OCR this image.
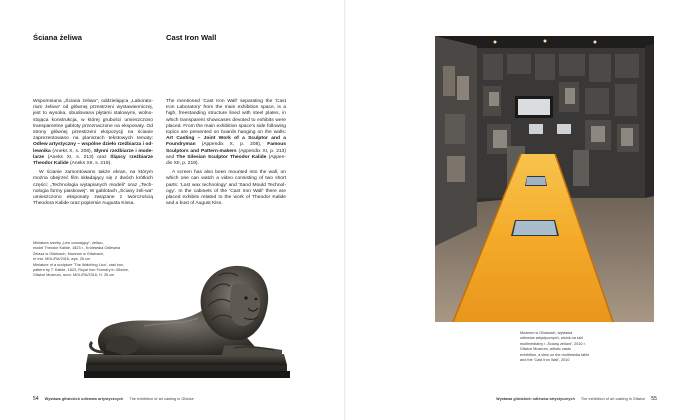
Ściana żeliwa	Cast Iron Wall

Wspomniana „Ściana żeliwa”, oddzielająca „Laborato-rium żeliwa” od głównej przestrzeni wystawienniczej, jest to wysoka, obudowana płytami stalowymi, wolno-stojąca konstrukcja, w której grubości umieszczono transparentne gabloty przeznaczone na eksponaty. Od strony głównej przestrzeni ekspozycji na ścianie zaprezentowano na planszach tekstowych tematy: Odlew artystyczny – wspólne dzieło rzeźbiarza i od-lewnika (Aneks X, s. 208), Słynni rzeźbiarze i mode-larze (Aneks XI, s. 213) oraz Śląscy rzeźbiarze Theodor Kalide (Aneks XII, s. 219).

W ścianie zamontowano także ekran, na którym można obejrzeć film składający się z dwóch krótkich części: „Technologia wytapianych modeli” oraz „Tech-nologia formy piaskowej”. W gablotach „Ściany żeli-wa” umieszczono eksponaty związane z twórczością Theodora Kalide oraz popiersie Augusta Kissa.

The mentioned 'Cast Iron Wall' separating the 'Cast Iron Laboratory' from the main exhibition space, is a high, freestanding structure lined with steel plates, in which transparent showcases devoted to exhibits were placed. From the main exhibition space's side following topics are presented on boards hanging on the walls: Art Casting – Joint Work of a Sculptor and a Foundryman (Appendix X, p. 208), Famous Sculptors and Pattern-makers (Appendix XI, p. 213) and The Silesian Sculptor Theodor Kalide (Appen-dix XII, p. 219).

A screen has also been mounted into the wall, on which one can watch a video consisting of two short parts: 'Lost wax technology' and 'Sand Mould Technol-ogy'. In the cabinets of the 'Cast Iron Wall' there are placed exhibits related to the work of Theodor Kalide and a bust of August Kiss.

Miniatura rzeźby „Lew czuwający”, żeliwo,
model Theodor Kalide, 1823 r., Królewska Odlewnia
Żelaza w Gliwicach, Muzeum w Gliwicach,
nr inw. MGL/RA/3316, wys. 26 cm
Miniature of a sculpture 'The Watching Lion', cast iron,
pattern by T. Kalide, 1823, Royal Iron Foundry in Gliwice,
Gliwice Museum, accn. MGL/RA/3316, H. 26 cm
Muzeum w Gliwicach, wystawa
odlewów artystycznych, widok na stół
multimedialny i „Ścianę żeliwa”, 2010 r.
Gliwice Museum, artistic casts
exhibition, a view on the multimedia table
and the 'Cast Iron Wall', 2010
54 Wystawa gliwickich odlewów artystycznych The exhibition of art casting in Gliwice	Wystawa gliwickich odlewów artystycznych The exhibition of art casting in Gliwice 55
